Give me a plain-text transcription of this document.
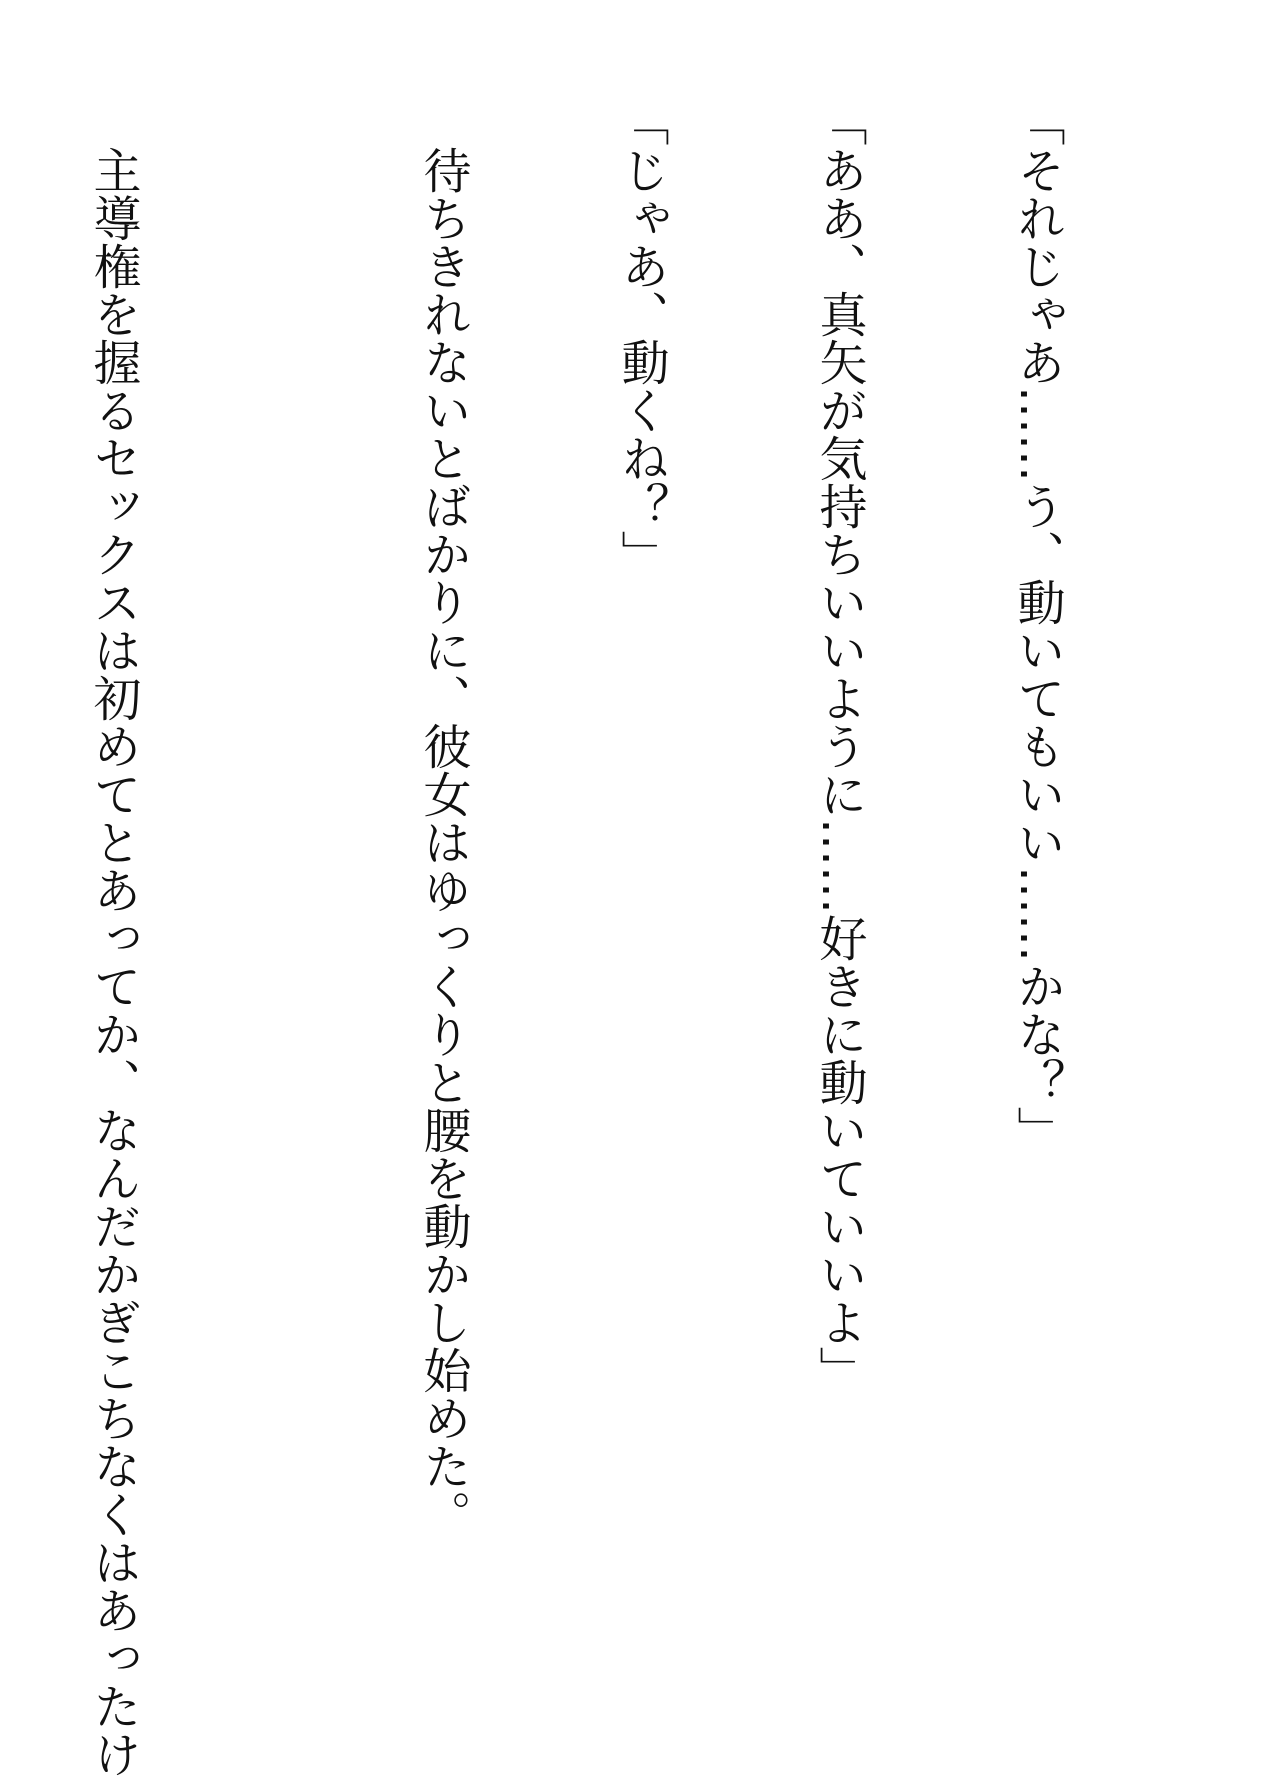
「それじゃあ……う、動いてもいい……かな？」

「ああ、真矢が気持ちいいように……好きに動いていいよ」

「じゃあ、動くね？」

　待ちきれないとばかりに、彼女はゆっくりと腰を動かし始めた。

　主導権を握るセックスは初めてとあってか、なんだかぎこちなくはあったけ
